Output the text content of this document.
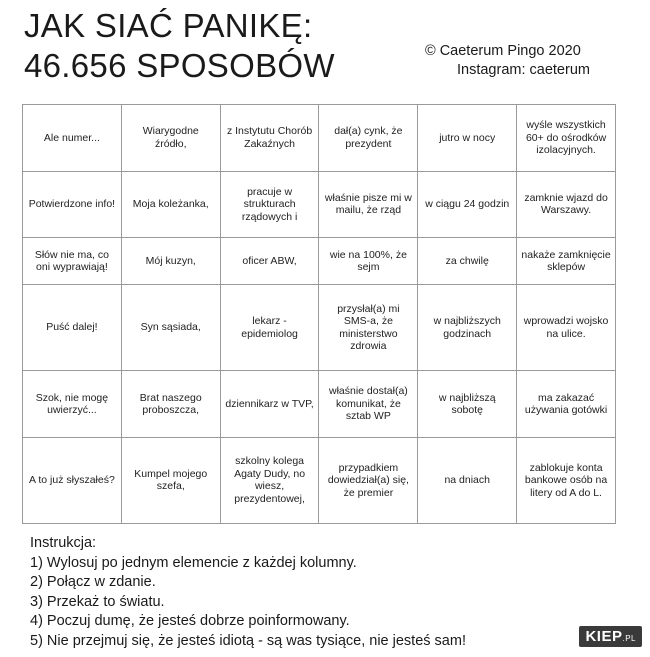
JAK SIAĆ PANIKĘ:
46.656 SPOSOBÓW	© Caeterum Pingo 2020
Instagram: caeterum
Ale numer...	Wiarygodne źródło,	z Instytutu Chorób Zakaźnych	dał(a) cynk, że prezydent	jutro w nocy	wyśle wszystkich 60+ do ośrodków izolacyjnych.
Potwierdzone info!	Moja koleżanka,	pracuje w strukturach rządowych i	właśnie pisze mi w mailu, że rząd	w ciągu 24 godzin	zamknie wjazd do Warszawy.
Słów nie ma, co oni wyprawiają!	Mój kuzyn,	oficer ABW,	wie na 100%, że sejm	za chwilę	nakaże zamknięcie sklepów
Puść dalej!	Syn sąsiada,	lekarz -epidemiolog	przysłał(a) mi SMS-a, że ministerstwo zdrowia	w najbliższych godzinach	wprowadzi wojsko na ulice.
Szok, nie mogę uwierzyć...	Brat naszego proboszcza,	dziennikarz w TVP,	właśnie dostał(a) komunikat, że sztab WP	w najbliższą sobotę	ma zakazać używania gotówki
A to już słyszałeś?	Kumpel mojego szefa,	szkolny kolega Agaty Dudy, no wiesz, prezydentowej,	przypadkiem dowiedział(a) się, że premier	na dniach	zablokuje konta bankowe osób na litery od A do L.
Instrukcja:
1) Wylosuj po jednym elemencie z każdej kolumny.
2) Połącz w zdanie.
3) Przekaż to światu.
4) Poczuj dumę, że jesteś dobrze poinformowany.
5) Nie przejmuj się, że jesteś idiotą - są was tysiące, nie jesteś sam!	KIEP.PL
